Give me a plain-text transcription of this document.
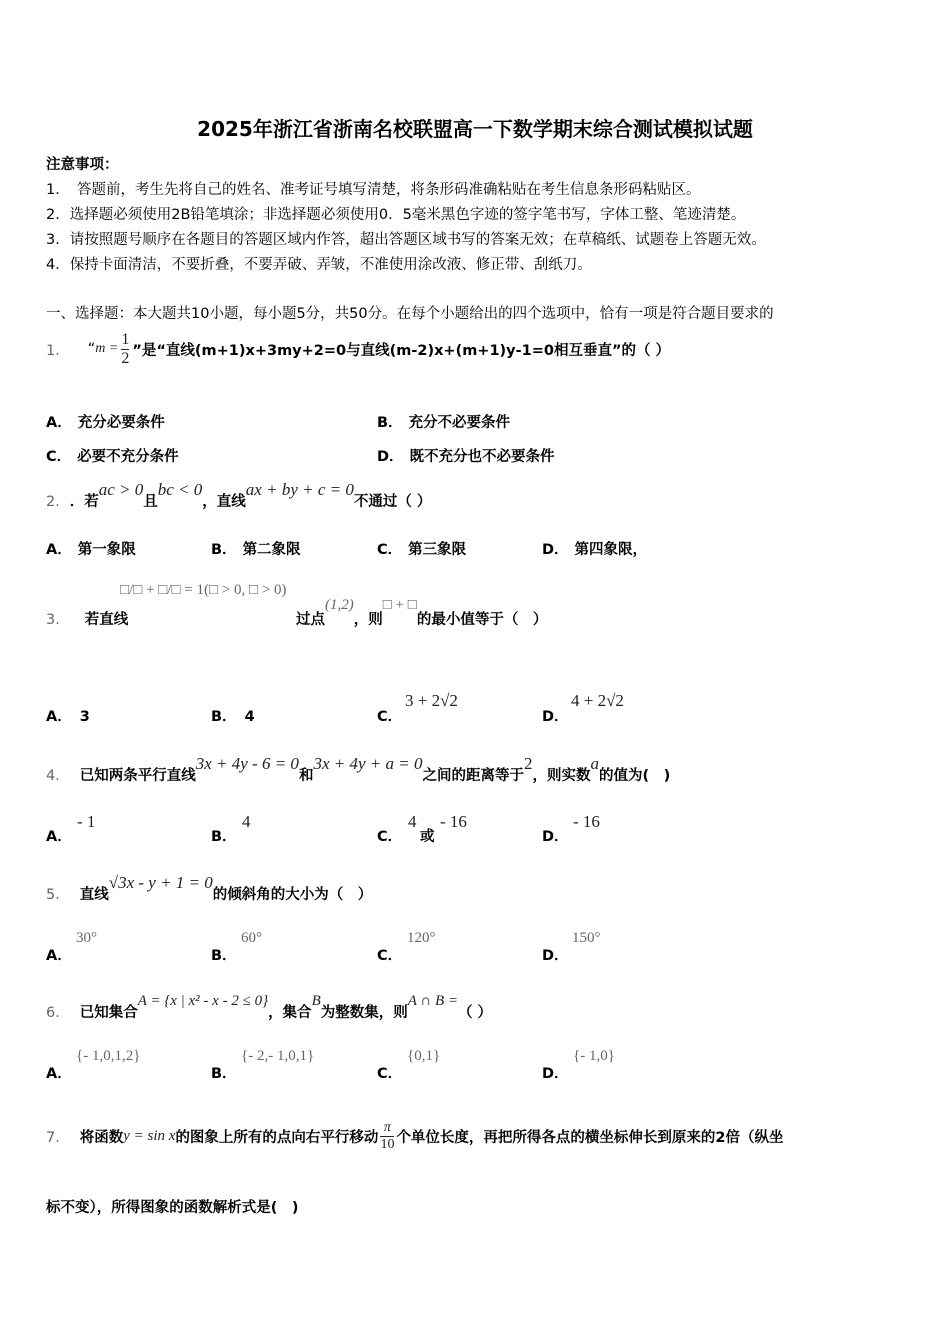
2025年浙江省浙南名校联盟高一下数学期末综合测试模拟试题
注意事项：
1．　答题前，考生先将自己的姓名、准考证号填写清楚，将条形码准确粘贴在考生信息条形码粘贴区。
2．选择题必须使用2B铅笔填涂；非选择题必须使用0．5毫米黑色字迹的签字笔书写，字体工整、笔迹清楚。
3．请按照题号顺序在各题目的答题区域内作答，超出答题区域书写的答案无效；在草稿纸、试题卷上答题无效。
4．保持卡面清洁，不要折叠，不要弄破、弄皱，不准使用涂改液、修正带、刮纸刀。
一、选择题：本大题共10小题，每小题5分，共50分。在每个小题给出的四个选项中，恰有一项是符合题目要求的
1． “ $m = \frac{1}{2}$ ”是“直线(m+1)x+3my+2=0与直线(m-2)x+(m+1)y-1=0相互垂直”的（ ）
A． 充分必要条件	B． 充分不必要条件
C． 必要不充分条件	D． 既不充分也不必要条件
2． ．若
ac > 0
且
bc < 0
，直线
ax + by + c = 0
不通过（ ）
A． 第一象限	B． 第二象限	C． 第三象限	D． 第四象限，
□/□ + □/□ = 1(□ > 0, □ > 0)
3． 若直线	过点
(1,2)
，则
□ + □
的最小值等于（　）
A． 3	B． 4	C．
3 + 2√2
D．
4 + 2√2
4． 已知两条平行直线
3x + 4y - 6 = 0
和
3x + 4y + a = 0
之间的距离等于
2
，则实数
a
的值为(　)
A．
- 1
B．
4
C．
4
或
- 16
D．
- 16
5． 直线
√3x - y + 1 = 0
的倾斜角的大小为（　）
A．
30°
B．
60°
C．
120°
D．
150°
6． 已知集合
A = {x | x² - x - 2 ≤ 0}
，集合
B
为整数集，则
A ∩ B =
（ ）
A．
{- 1,0,1,2}
B．
{- 2,- 1,0,1}
C．
{0,1}
D．
{- 1,0}
7． 将函数 y = sin x 的图象上所有的点向右平行移动 $\frac{\pi}{10}$ 个单位长度，再把所得各点的横坐标伸长到原来的2倍（纵坐
标不变），所得图象的函数解析式是(　)
